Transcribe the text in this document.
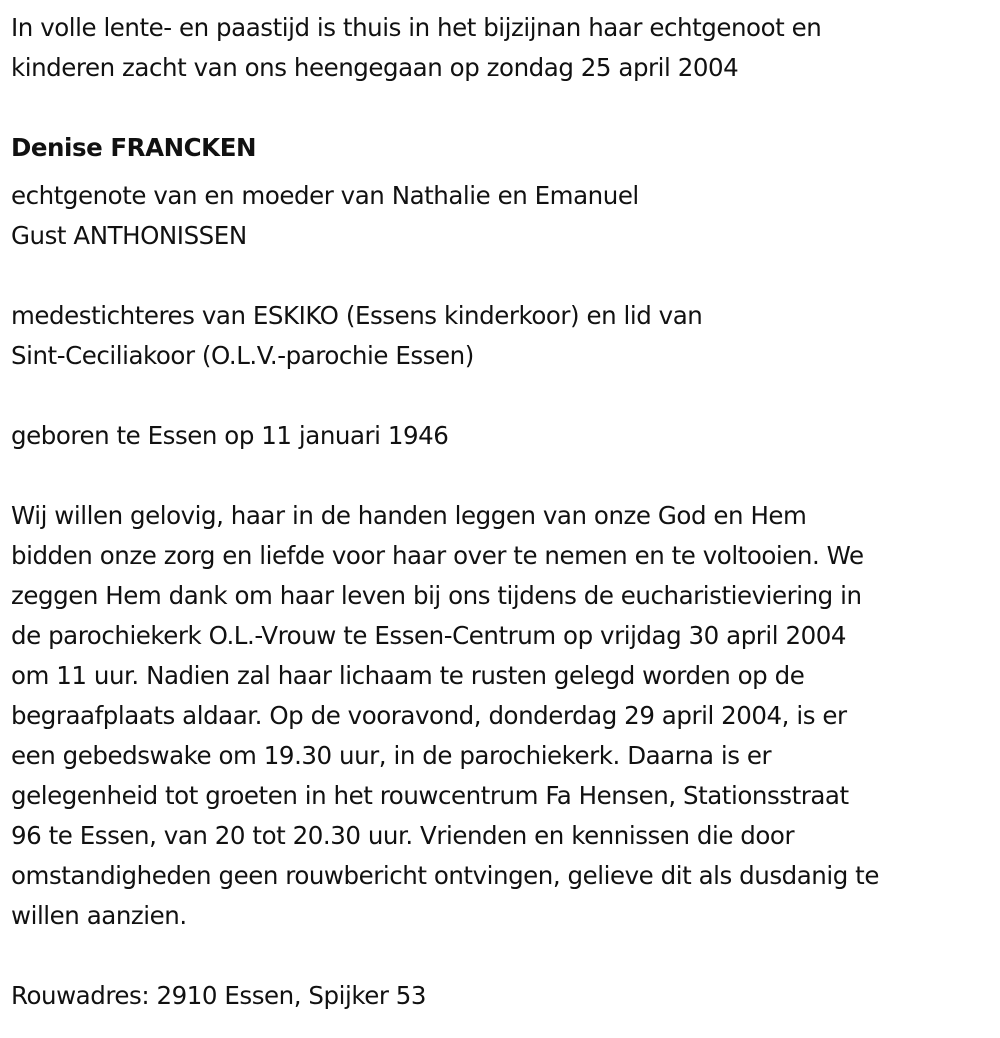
In volle lente- en paastijd is thuis in het bijzijnan haar echtgenoot en
kinderen zacht van ons heengegaan op zondag 25 april 2004
Denise FRANCKEN
echtgenote van en moeder van Nathalie en Emanuel
Gust ANTHONISSEN
medestichteres van ESKIKO (Essens kinderkoor) en lid van
Sint-Ceciliakoor (O.L.V.-parochie Essen)
geboren te Essen op 11 januari 1946
Wij willen gelovig, haar in de handen leggen van onze God en Hem
bidden onze zorg en liefde voor haar over te nemen en te voltooien. We
zeggen Hem dank om haar leven bij ons tijdens de eucharistieviering in
de parochiekerk O.L.-Vrouw te Essen-Centrum op vrijdag 30 april 2004
om 11 uur. Nadien zal haar lichaam te rusten gelegd worden op de
begraafplaats aldaar. Op de vooravond, donderdag 29 april 2004, is er
een gebedswake om 19.30 uur, in de parochiekerk. Daarna is er
gelegenheid tot groeten in het rouwcentrum Fa Hensen, Stationsstraat
96 te Essen, van 20 tot 20.30 uur. Vrienden en kennissen die door
omstandigheden geen rouwbericht ontvingen, gelieve dit als dusdanig te
willen aanzien.
Rouwadres: 2910 Essen, Spijker 53
